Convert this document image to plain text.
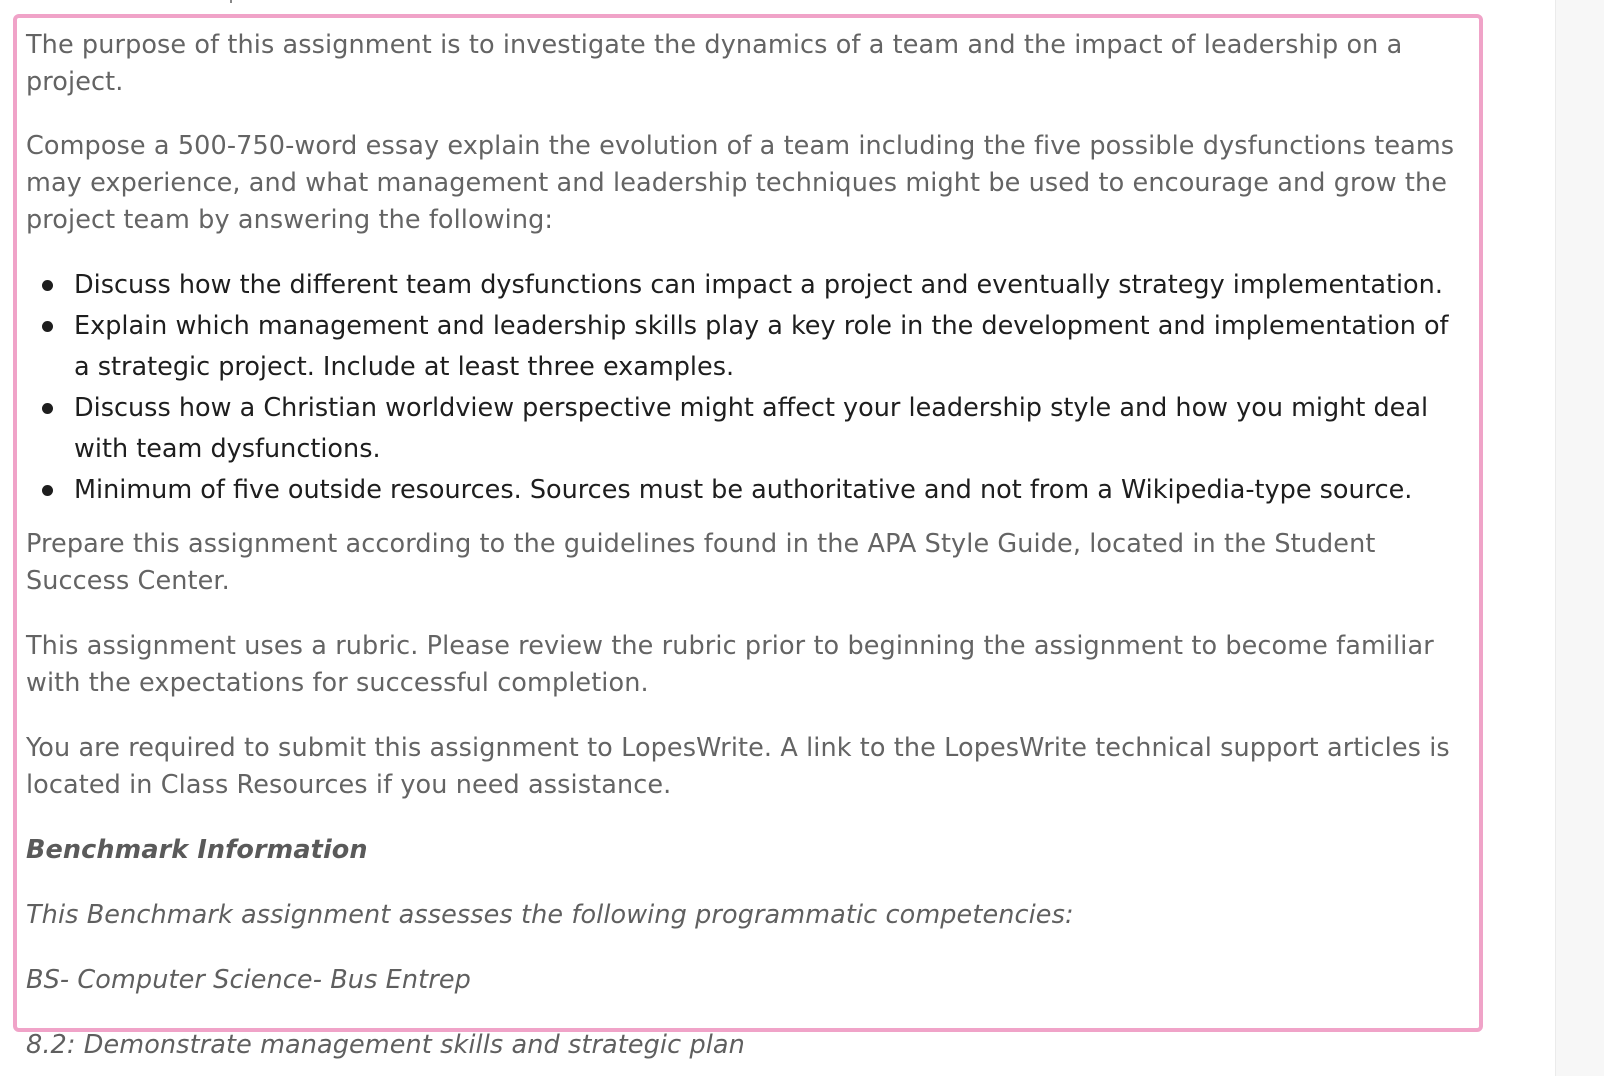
The purpose of this assignment is to investigate the dynamics of a team and the impact of leadership on a project.

Compose a 500-750-word essay explain the evolution of a team including the five possible dysfunctions teams may experience, and what management and leadership techniques might be used to encourage and grow the project team by answering the following:

Discuss how the different team dysfunctions can impact a project and eventually strategy implementation.
Explain which management and leadership skills play a key role in the development and implementation of a strategic project. Include at least three examples.
Discuss how a Christian worldview perspective might affect your leadership style and how you might deal with team dysfunctions.
Minimum of five outside resources. Sources must be authoritative and not from a Wikipedia-type source.

Prepare this assignment according to the guidelines found in the APA Style Guide, located in the Student Success Center.

This assignment uses a rubric. Please review the rubric prior to beginning the assignment to become familiar with the expectations for successful completion.

You are required to submit this assignment to LopesWrite. A link to the LopesWrite technical support articles is located in Class Resources if you need assistance.

Benchmark Information

This Benchmark assignment assesses the following programmatic competencies:

BS- Computer Science- Bus Entrep

8.2: Demonstrate management skills and strategic plan
